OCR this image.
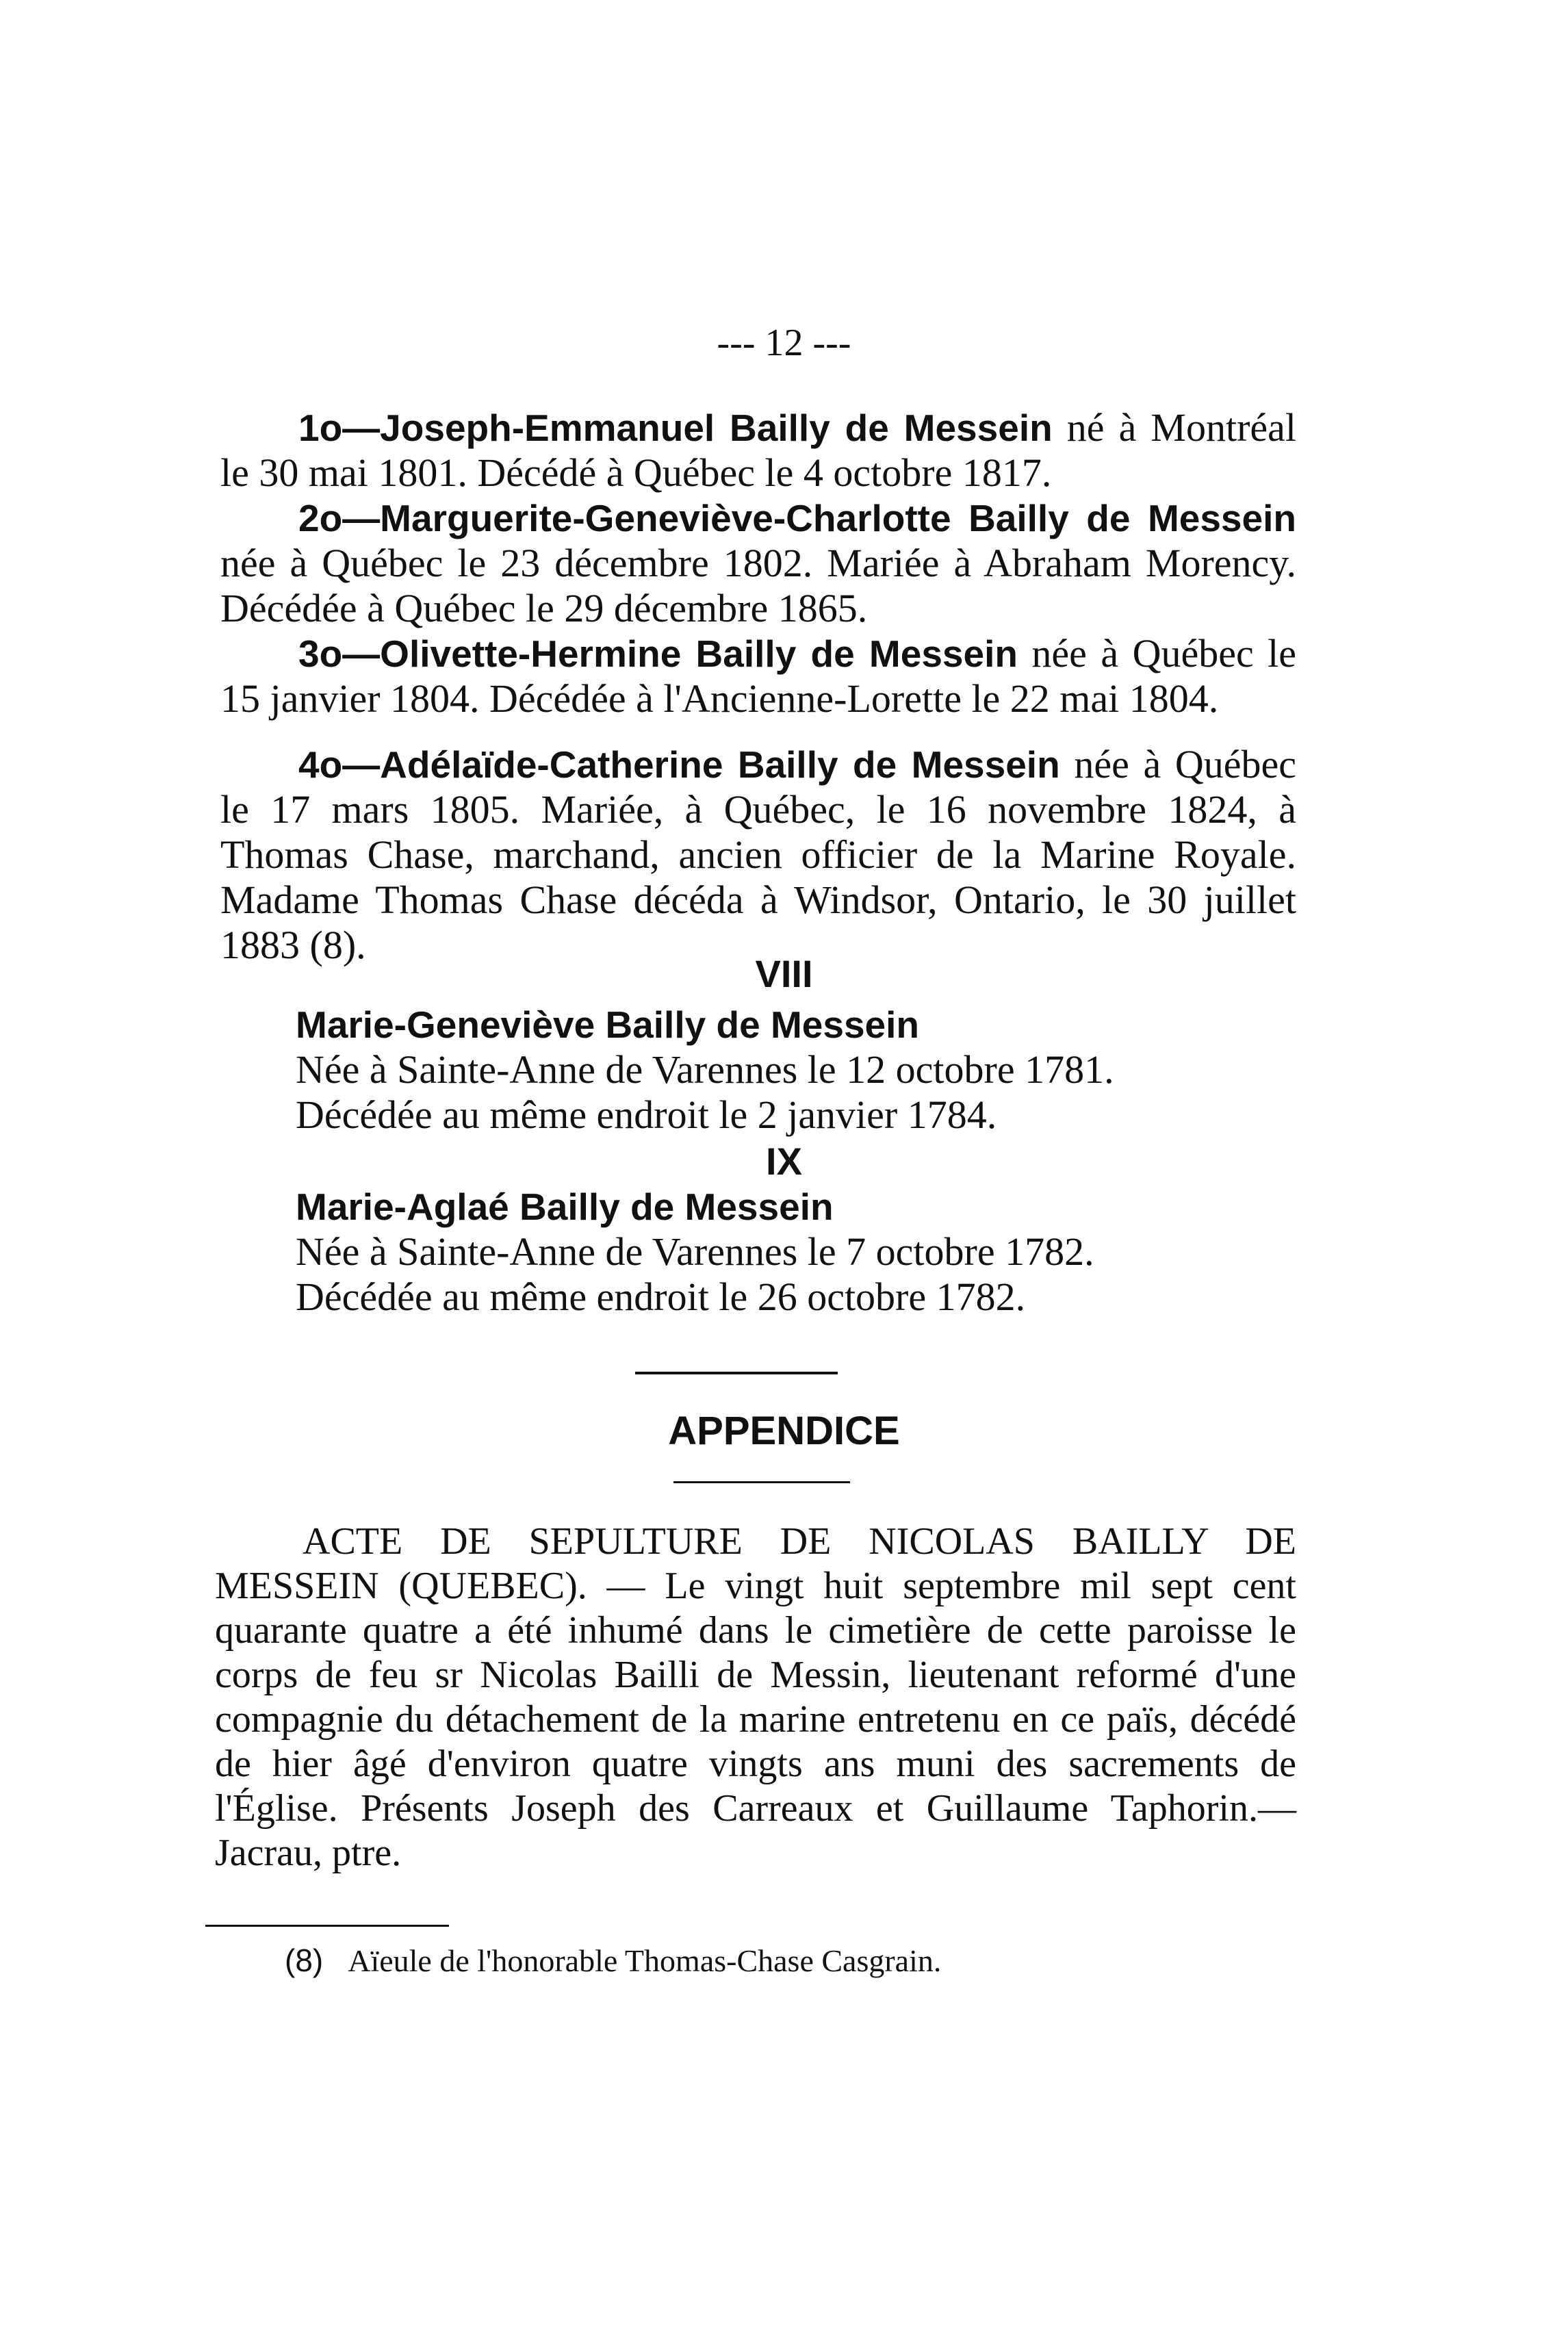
--- 12 ---

1o—Joseph-Emmanuel Bailly de Messein né à Montréal le 30 mai 1801. Décédé à Québec le 4 octobre 1817.

2o—Marguerite-Geneviève-Charlotte Bailly de Messein née à Québec le 23 décembre 1802. Mariée à Abraham Morency. Décédée à Québec le 29 décembre 1865.

3o—Olivette-Hermine Bailly de Messein née à Québec le 15 janvier 1804. Décédée à l'Ancienne-Lorette le 22 mai 1804.

4o—Adélaïde-Catherine Bailly de Messein née à Québec le 17 mars 1805. Mariée, à Québec, le 16 novembre 1824, à Thomas Chase, marchand, ancien officier de la Marine Royale. Madame Thomas Chase décéda à Windsor, Ontario, le 30 juillet 1883 (8).

VIII
Marie-Geneviève Bailly de Messein
Née à Sainte-Anne de Varennes le 12 octobre 1781.
Décédée au même endroit le 2 janvier 1784.
IX
Marie-Aglaé Bailly de Messein
Née à Sainte-Anne de Varennes le 7 octobre 1782.
Décédée au même endroit le 26 octobre 1782.
APPENDICE

ACTE DE SEPULTURE DE NICOLAS BAILLY DE MESSEIN (QUEBEC). — Le vingt huit septembre mil sept cent quarante quatre a été inhumé dans le cimetière de cette paroisse le corps de feu sr Nicolas Bailli de Messin, lieutenant reformé d'une compagnie du détachement de la marine entretenu en ce païs, décédé de hier âgé d'environ quatre vingts ans muni des sacrements de l'Église. Présents Joseph des Carreaux et Guillaume Taphorin.—Jacrau, ptre.

(8) Aïeule de l'honorable Thomas-Chase Casgrain.
